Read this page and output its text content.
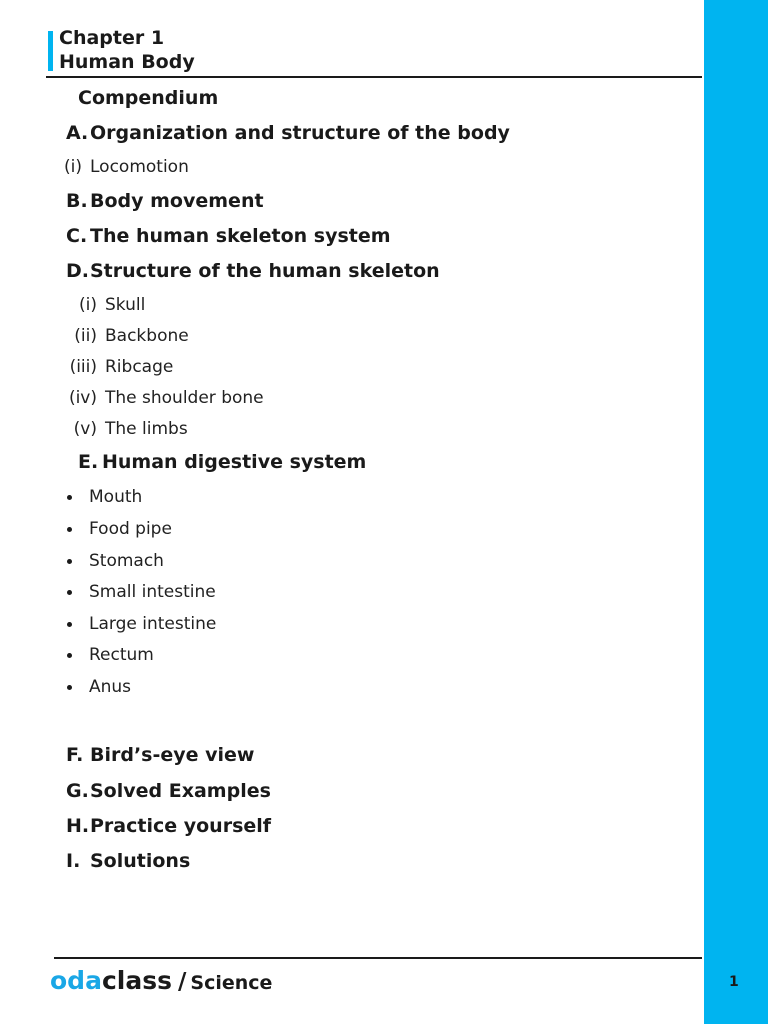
Chapter 1
Human Body
Compendium
A.Organization and structure of the body
(i) Locomotion
B. Body movement
C. The human skeleton system
D.Structure of the human skeleton
(i) Skull
(ii) Backbone
(iii) Ribcage
(iv) The shoulder bone
(v) The limbs
E. Human digestive system
Mouth
Food pipe
Stomach
Small intestine
Large intestine
Rectum
Anus
F. Bird’s-eye view
G.Solved Examples
H.Practice yourself
I. Solutions
odaclass / Science	1
